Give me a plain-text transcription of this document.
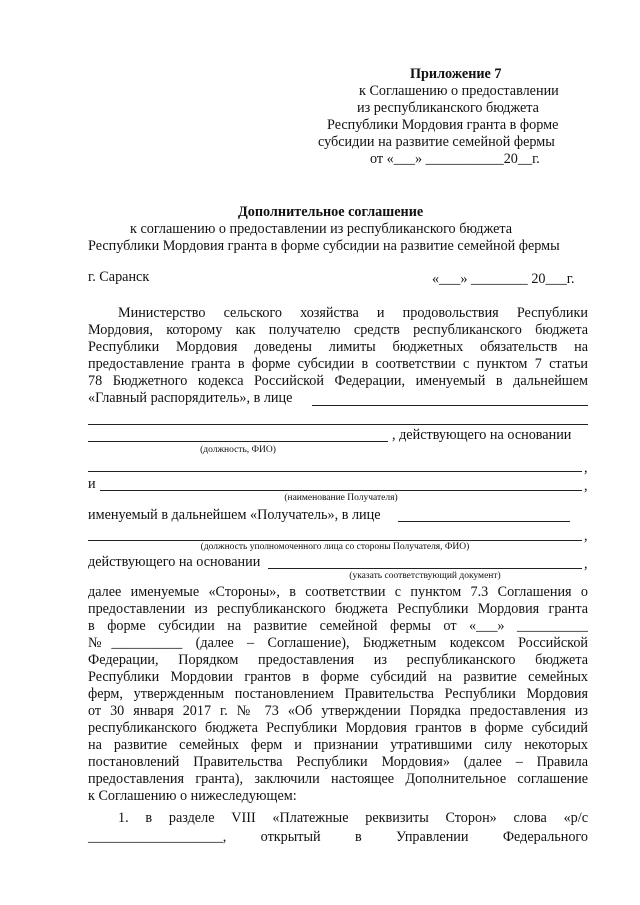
Приложение 7
к Соглашению о предоставлении
из республиканского бюджета
Республики Мордовия гранта в форме
субсидии на развитие семейной фермы
от «___» ___________20__г.
Дополнительное соглашение
к соглашению о предоставлении из республиканского бюджета
Республики Мордовия гранта в форме субсидии на развитие семейной фермы
г. Саранск	«___» ________ 20___г.
Министерство сельского хозяйства и продовольствия Республики
Мордовия, которому как получателю средств республиканского бюджета
Республики Мордовия доведены лимиты бюджетных обязательств на
предоставление гранта в форме субсидии в соответствии с пунктом 7 статьи
78 Бюджетного кодекса Российской Федерации, именуемый в дальнейшем
«Главный распорядитель», в лице
, действующего на основании
(должность, ФИО)
,
и	,
(наименование Получателя)
именуемый в дальнейшем «Получатель», в лице
,
(должность уполномоченного лица со стороны Получателя, ФИО)
действующего на основании	,
(указать соответствующий документ)
далее именуемые «Стороны», в соответствии с пунктом 7.3 Соглашения о
предоставлении из республиканского бюджета Республики Мордовия гранта
в форме субсидии на развитие семейной фермы от «___» __________
№__________ (далее – Соглашение), Бюджетным кодексом Российской
Федерации, Порядком предоставления из республиканского бюджета
Республики Мордовии грантов в форме субсидий на развитие семейных
ферм, утвержденным постановлением Правительства Республики Мордовия
от 30 января 2017 г. № 73 «Об утверждении Порядка предоставления из
республиканского бюджета Республики Мордовия грантов в форме субсидий
на развитие семейных ферм и признании утратившими силу некоторых
постановлений Правительства Республики Мордовия» (далее – Правила
предоставления гранта), заключили настоящее Дополнительное соглашение
к Соглашению о нижеследующем:
1. в разделе VIII «Платежные реквизиты Сторон» слова «р/с
___________________, открытый в Управлении Федерального
